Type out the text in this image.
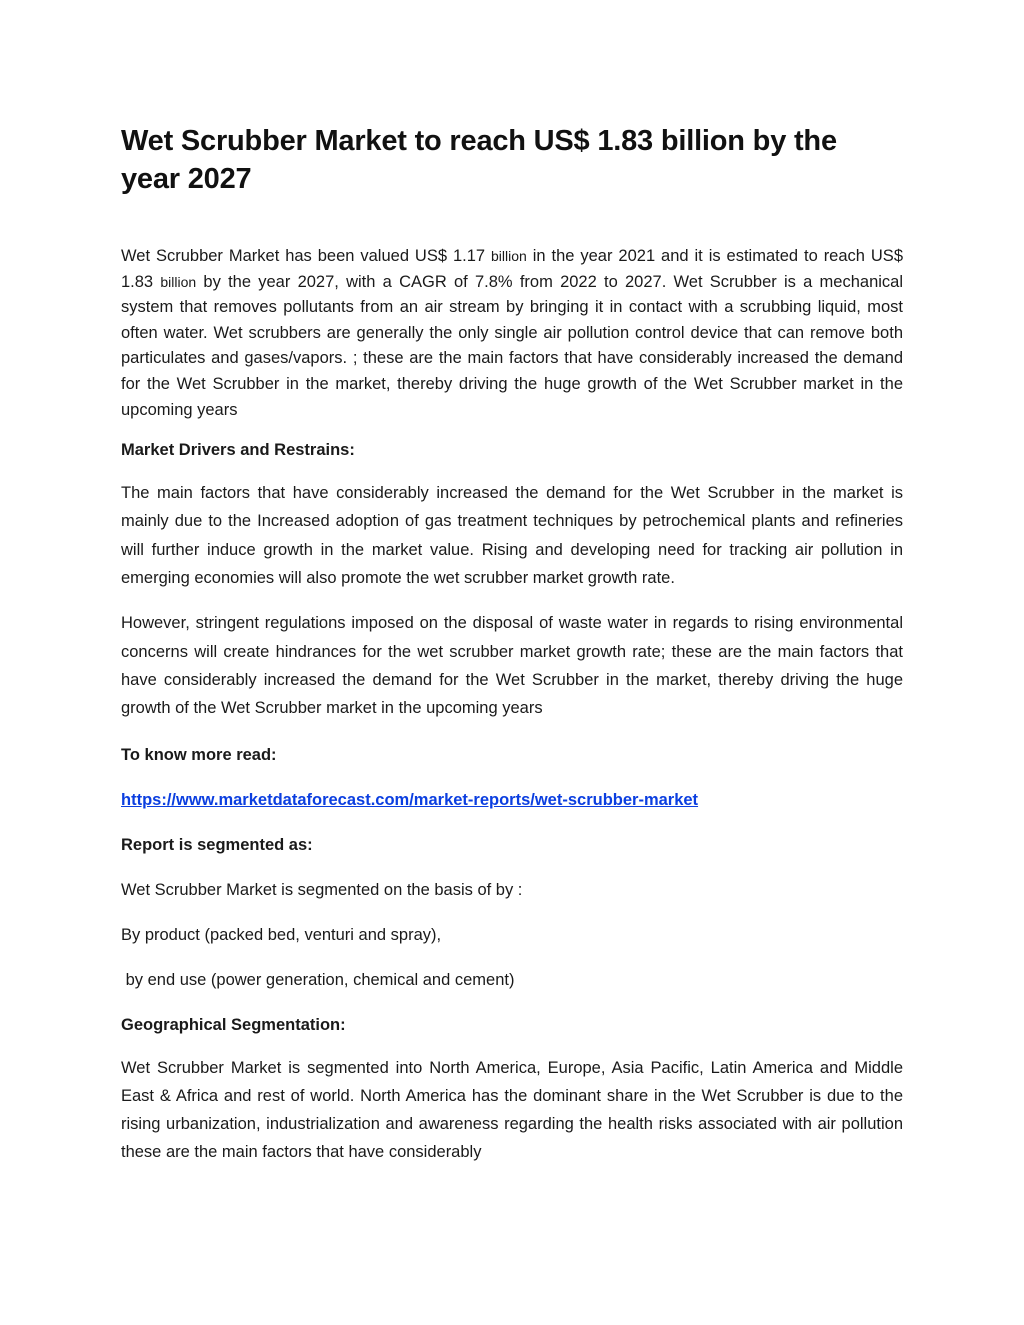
Wet Scrubber Market to reach US$ 1.83 billion by the year 2027

Wet Scrubber Market has been valued US$ 1.17 billion in the year 2021 and it is estimated to reach US$ 1.83 billion by the year 2027, with a CAGR of 7.8% from 2022 to 2027. Wet Scrubber is a mechanical system that removes pollutants from an air stream by bringing it in contact with a scrubbing liquid, most often water. Wet scrubbers are generally the only single air pollution control device that can remove both particulates and gases/vapors. ; these are the main factors that have considerably increased the demand for the Wet Scrubber in the market, thereby driving the huge growth of the Wet Scrubber market in the upcoming years

Market Drivers and Restrains:

The main factors that have considerably increased the demand for the Wet Scrubber in the market is mainly due to the Increased adoption of gas treatment techniques by petrochemical plants and refineries will further induce growth in the market value. Rising and developing need for tracking air pollution in emerging economies will also promote the wet scrubber market growth rate.

However, stringent regulations imposed on the disposal of waste water in regards to rising environmental concerns will create hindrances for the wet scrubber market growth rate; these are the main factors that have considerably increased the demand for the Wet Scrubber in the market, thereby driving the huge growth of the Wet Scrubber market in the upcoming years

To know more read:

https://www.marketdataforecast.com/market-reports/wet-scrubber-market

Report is segmented as:

Wet Scrubber Market is segmented on the basis of by :

By product (packed bed, venturi and spray),

by end use (power generation, chemical and cement)

Geographical Segmentation:

Wet Scrubber Market is segmented into North America, Europe, Asia Pacific, Latin America and Middle East & Africa and rest of world. North America has the dominant share in the Wet Scrubber is due to the rising urbanization, industrialization and awareness regarding the health risks associated with air pollution these are the main factors that have considerably
